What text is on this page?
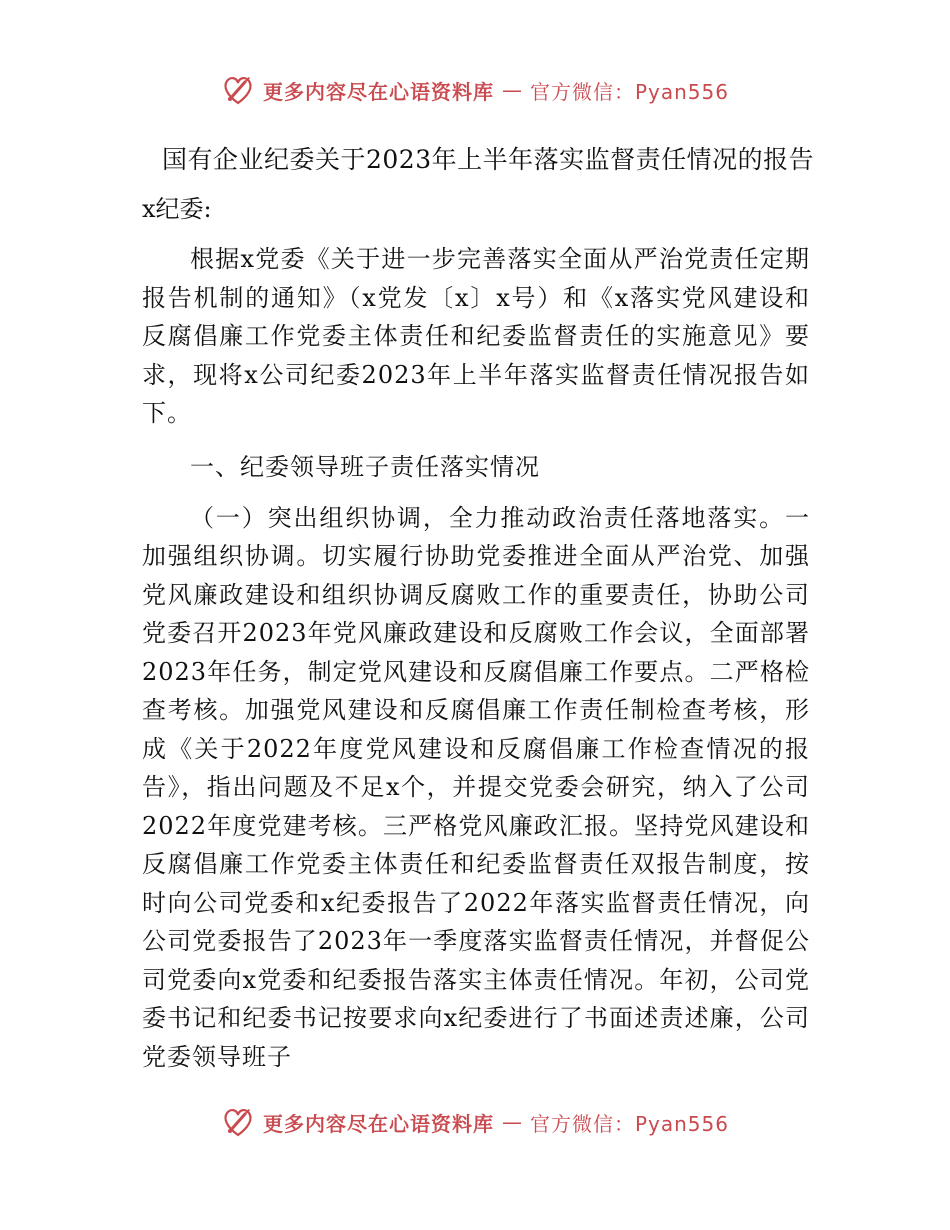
更多内容尽在心语资料库 — 官方微信：Pyan556
国有企业纪委关于2023年上半年落实监督责任情况的报告

x纪委:

根据x党委《关于进一步完善落实全面从严治党责任定期报告机制的通知》（x党发〔x〕x号）和《x落实党风建设和反腐倡廉工作党委主体责任和纪委监督责任的实施意见》要求，现将x公司纪委2023年上半年落实监督责任情况报告如下。

一、纪委领导班子责任落实情况

（一）突出组织协调，全力推动政治责任落地落实。一加强组织协调。切实履行协助党委推进全面从严治党、加强党风廉政建设和组织协调反腐败工作的重要责任，协助公司党委召开2023年党风廉政建设和反腐败工作会议，全面部署2023年任务，制定党风建设和反腐倡廉工作要点。二严格检查考核。加强党风建设和反腐倡廉工作责任制检查考核，形成《关于2022年度党风建设和反腐倡廉工作检查情况的报告》，指出问题及不足x个，并提交党委会研究，纳入了公司2022年度党建考核。三严格党风廉政汇报。坚持党风建设和反腐倡廉工作党委主体责任和纪委监督责任双报告制度，按时向公司党委和x纪委报告了2022年落实监督责任情况，向公司党委报告了2023年一季度落实监督责任情况，并督促公司党委向x党委和纪委报告落实主体责任情况。年初，公司党委书记和纪委书记按要求向x纪委进行了书面述责述廉，公司党委领导班子

更多内容尽在心语资料库 — 官方微信：Pyan556
